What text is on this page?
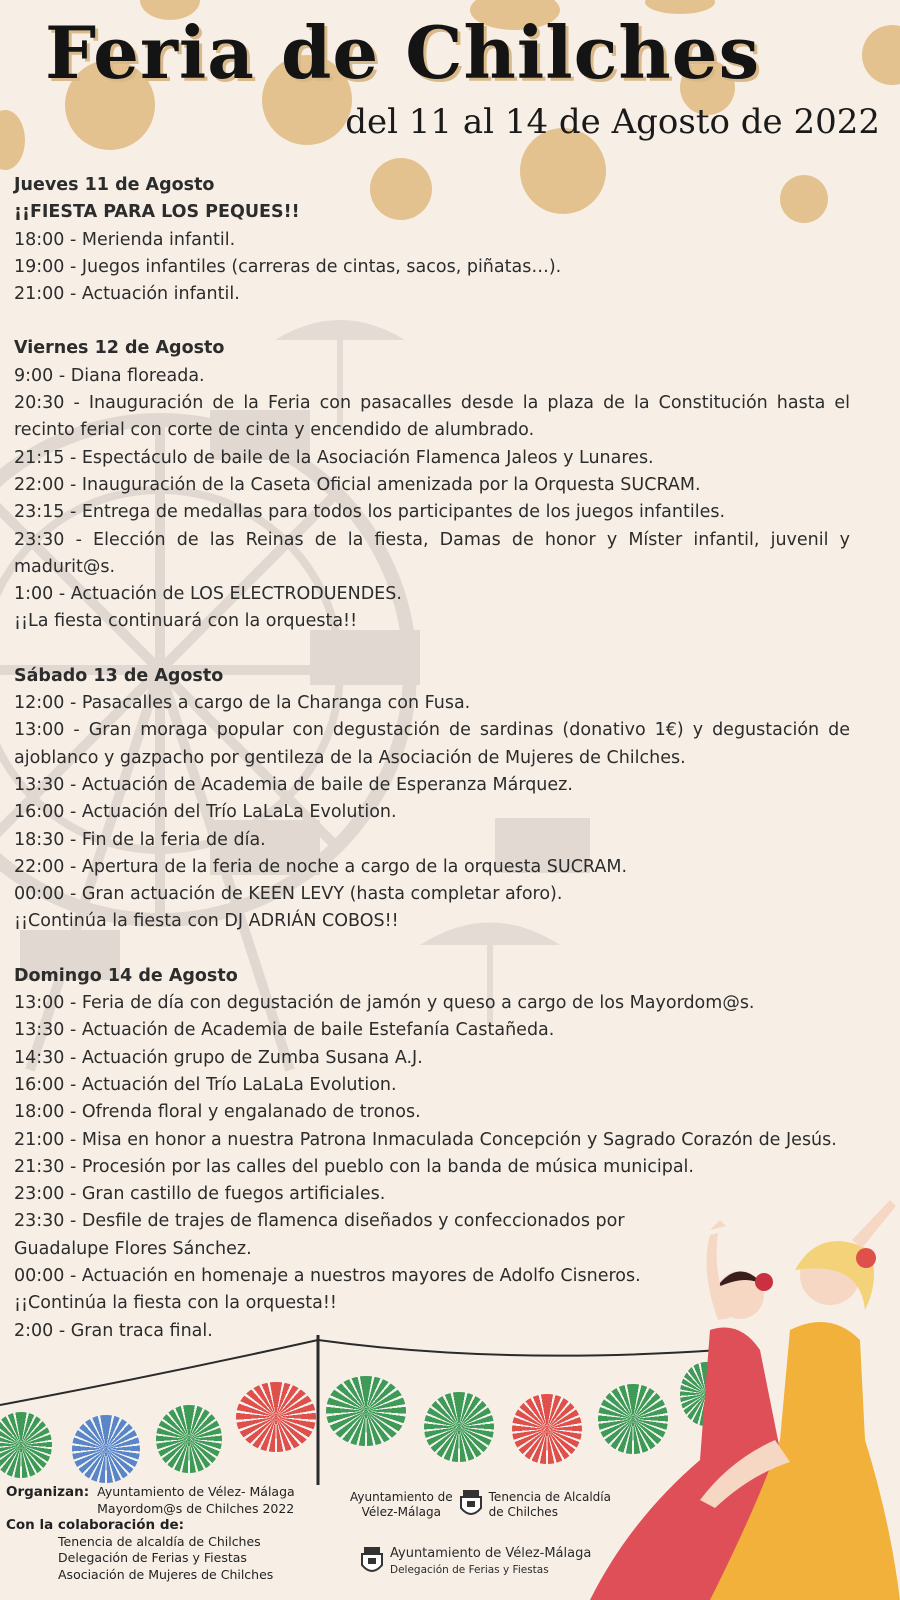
Feria de Chilches
del 11 al 14 de Agosto de 2022
Jueves 11 de Agosto
¡¡FIESTA PARA LOS PEQUES!!
18:00 - Merienda infantil.
19:00 - Juegos infantiles (carreras de cintas, sacos, piñatas…).
21:00 - Actuación infantil.
Viernes 12 de Agosto
9:00 - Diana floreada.
20:30 - Inauguración de la Feria con pasacalles desde la plaza de la Constitución hasta el recinto ferial con corte de cinta y encendido de alumbrado.
21:15 - Espectáculo de baile de la Asociación Flamenca Jaleos y Lunares.
22:00 - Inauguración de la Caseta Oficial amenizada por la Orquesta SUCRAM.
23:15 - Entrega de medallas para todos los participantes de los juegos infantiles.
23:30 - Elección de las Reinas de la fiesta, Damas de honor y Míster infantil, juvenil y madurit@s.
1:00 - Actuación de LOS ELECTRODUENDES.
¡¡La fiesta continuará con la orquesta!!
Sábado 13 de Agosto
12:00 - Pasacalles a cargo de la Charanga con Fusa.
13:00 - Gran moraga popular con degustación de sardinas (donativo 1€) y degustación de ajoblanco y gazpacho por gentileza de la Asociación de Mujeres de Chilches.
13:30 - Actuación de Academia de baile de Esperanza Márquez.
16:00 - Actuación del Trío LaLaLa Evolution.
18:30 - Fin de la feria de día.
22:00 - Apertura de la feria de noche a cargo de la orquesta SUCRAM.
00:00 - Gran actuación de KEEN LEVY (hasta completar aforo).
¡¡Continúa la fiesta con DJ ADRIÁN COBOS!!
Domingo 14 de Agosto
13:00 - Feria de día con degustación de jamón y queso a cargo de los Mayordom@s.
13:30 - Actuación de Academia de baile Estefanía Castañeda.
14:30 - Actuación grupo de Zumba Susana A.J.
16:00 - Actuación del Trío LaLaLa Evolution.
18:00 - Ofrenda floral y engalanado de tronos.
21:00 - Misa en honor a nuestra Patrona Inmaculada Concepción y Sagrado Corazón de Jesús.
21:30 - Procesión por las calles del pueblo con la banda de música municipal.
23:00 - Gran castillo de fuegos artificiales.
23:30 - Desfile de trajes de flamenca diseñados y confeccionados por
Guadalupe Flores Sánchez.
00:00 - Actuación en homenaje a nuestros mayores de Adolfo Cisneros.
¡¡Continúa la fiesta con la orquesta!!
2:00 - Gran traca final.
Organizan: Ayuntamiento de Vélez- Málaga
Mayordom@s de Chilches 2022
Con la colaboración de:
Tenencia de alcaldía de Chilches
Delegación de Ferias y Fiestas
Asociación de Mujeres de Chilches
Ayuntamiento de
Vélez-Málaga
Tenencia de Alcaldía
de Chilches
Ayuntamiento de Vélez-Málaga
Delegación de Ferias y Fiestas
